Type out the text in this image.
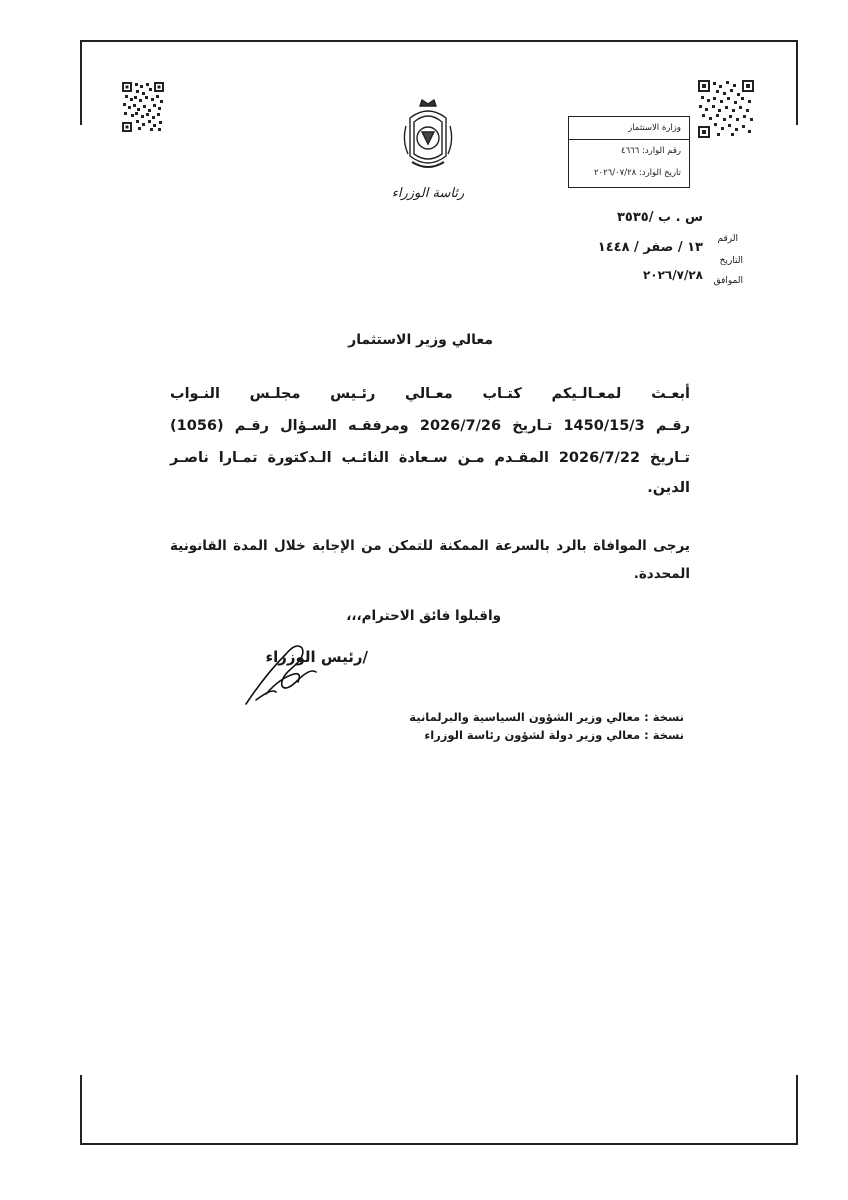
رئاسة الوزراء
وزارة الاستثمار
رقم الوارد: ٤٦٦٦
تاريخ الوارد: ٢٠٢٦/٠٧/٢٨
الرقم
س . ب /٣٥٣٥
التاريخ
١٣ / صفر / ١٤٤٨
الموافق
٢٠٢٦/٧/٢٨
معالي وزير الاستثمار
أبعـث لمعـالـيكم كتـاب معـالي رئـيس مجلـس النـواب
رقـم 1450/15/3 تـاريخ 2026/7/26 ومرفقـه السـؤال رقـم (1056)
تـاريخ 2026/7/22 المقـدم مـن سـعادة النائـب الـدكتورة تمـارا ناصـر
الدين.
يرجى الموافاة بالرد بالسرعة الممكنة للتمكن من الإجابة خلال المدة القانونية
المحددة.
واقبلوا فائق الاحترام،،،
/رئيس الوزراء
نسخة : معالي وزير الشؤون السياسية والبرلمانية
نسخة : معالي وزير دولة لشؤون رئاسة الوزراء
